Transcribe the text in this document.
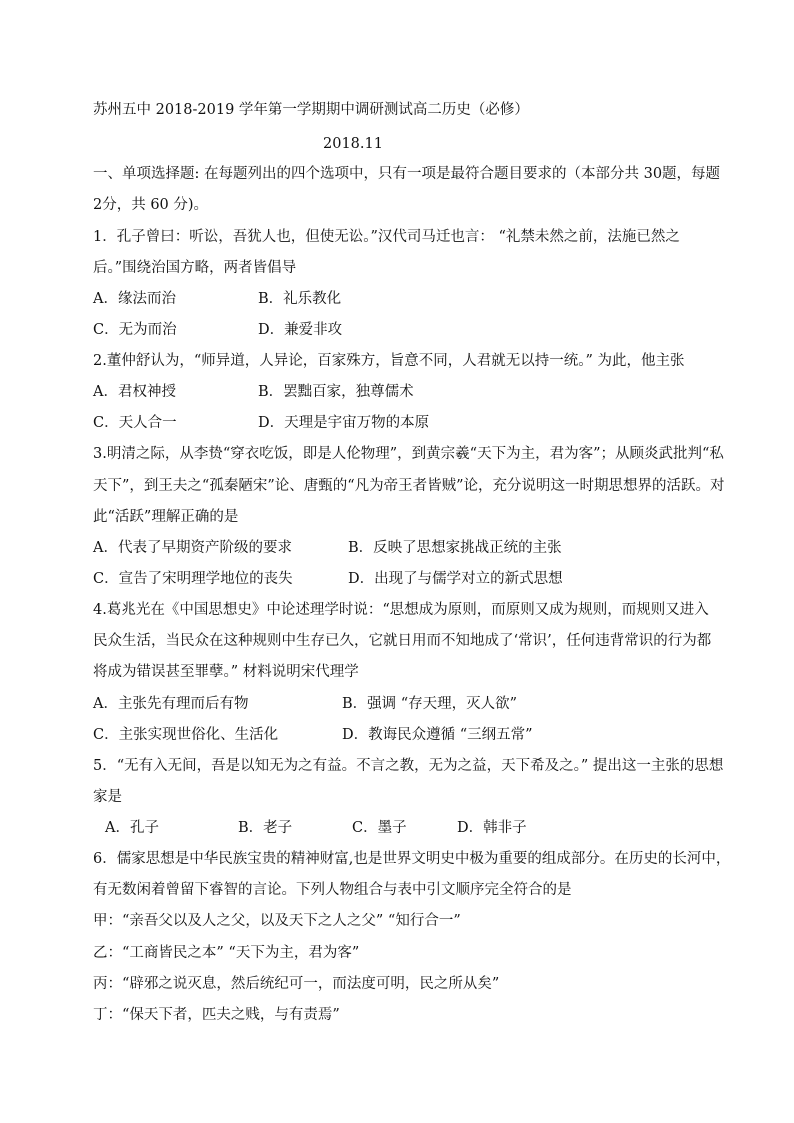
苏州五中 2018-2019 学年第一学期期中调研测试高二历史（必修）
2018.11
一、单项选择题: 在每题列出的四个选项中，只有一项是最符合题目要求的（本部分共 30题，每题
2分，共 60 分)。
1．孔子曾曰：听讼，吾犹人也，但使无讼。”汉代司马迁也言： “礼禁未然之前，法施已然之
后。”围绕治国方略，两者皆倡导
A．缘法而治	B．礼乐教化
C．无为而治	D．兼爱非攻
2.董仲舒认为，“师异道，人异论，百家殊方，旨意不同，人君就无以持一统。” 为此，他主张
A．君权神授	B．罢黜百家，独尊儒术
C．天人合一	D．天理是宇宙万物的本原
3.明清之际，从李贽“穿衣吃饭，即是人伦物理”，到黄宗羲“天下为主，君为客”；从顾炎武批判“私
天下”，到王夫之“孤秦陋宋”论、唐甄的“凡为帝王者皆贼”论，充分说明这一时期思想界的活跃。对
此“活跃”理解正确的是
A．代表了早期资产阶级的要求	B．反映了思想家挑战正统的主张
C．宣告了宋明理学地位的丧失	D．出现了与儒学对立的新式思想
4.葛兆光在《中国思想史》中论述理学时说：“思想成为原则，而原则又成为规则，而规则又进入
民众生活，当民众在这种规则中生存已久，它就日用而不知地成了‘常识’，任何违背常识的行为都
将成为错误甚至罪孽。” 材料说明宋代理学
A．主张先有理而后有物	B．强调 “存天理，灭人欲”
C．主张实现世俗化、生活化	D．教诲民众遵循 “三纲五常”
5．“无有入无间，吾是以知无为之有益。不言之教，无为之益，天下希及之。” 提出这一主张的思想
家是
A．孔子	B．老子	C．墨子	D．韩非子
6．儒家思想是中华民族宝贵的精神财富,也是世界文明史中极为重要的组成部分。在历史的长河中，
有无数闲着曾留下睿智的言论。下列人物组合与表中引文顺序完全符合的是
甲：“亲吾父以及人之父，以及天下之人之父” “知行合一”
乙：“工商皆民之本” “天下为主，君为客”
丙：“辟邪之说灭息，然后统纪可一，而法度可明，民之所从矣”
丁：“保天下者，匹夫之贱，与有责焉”
